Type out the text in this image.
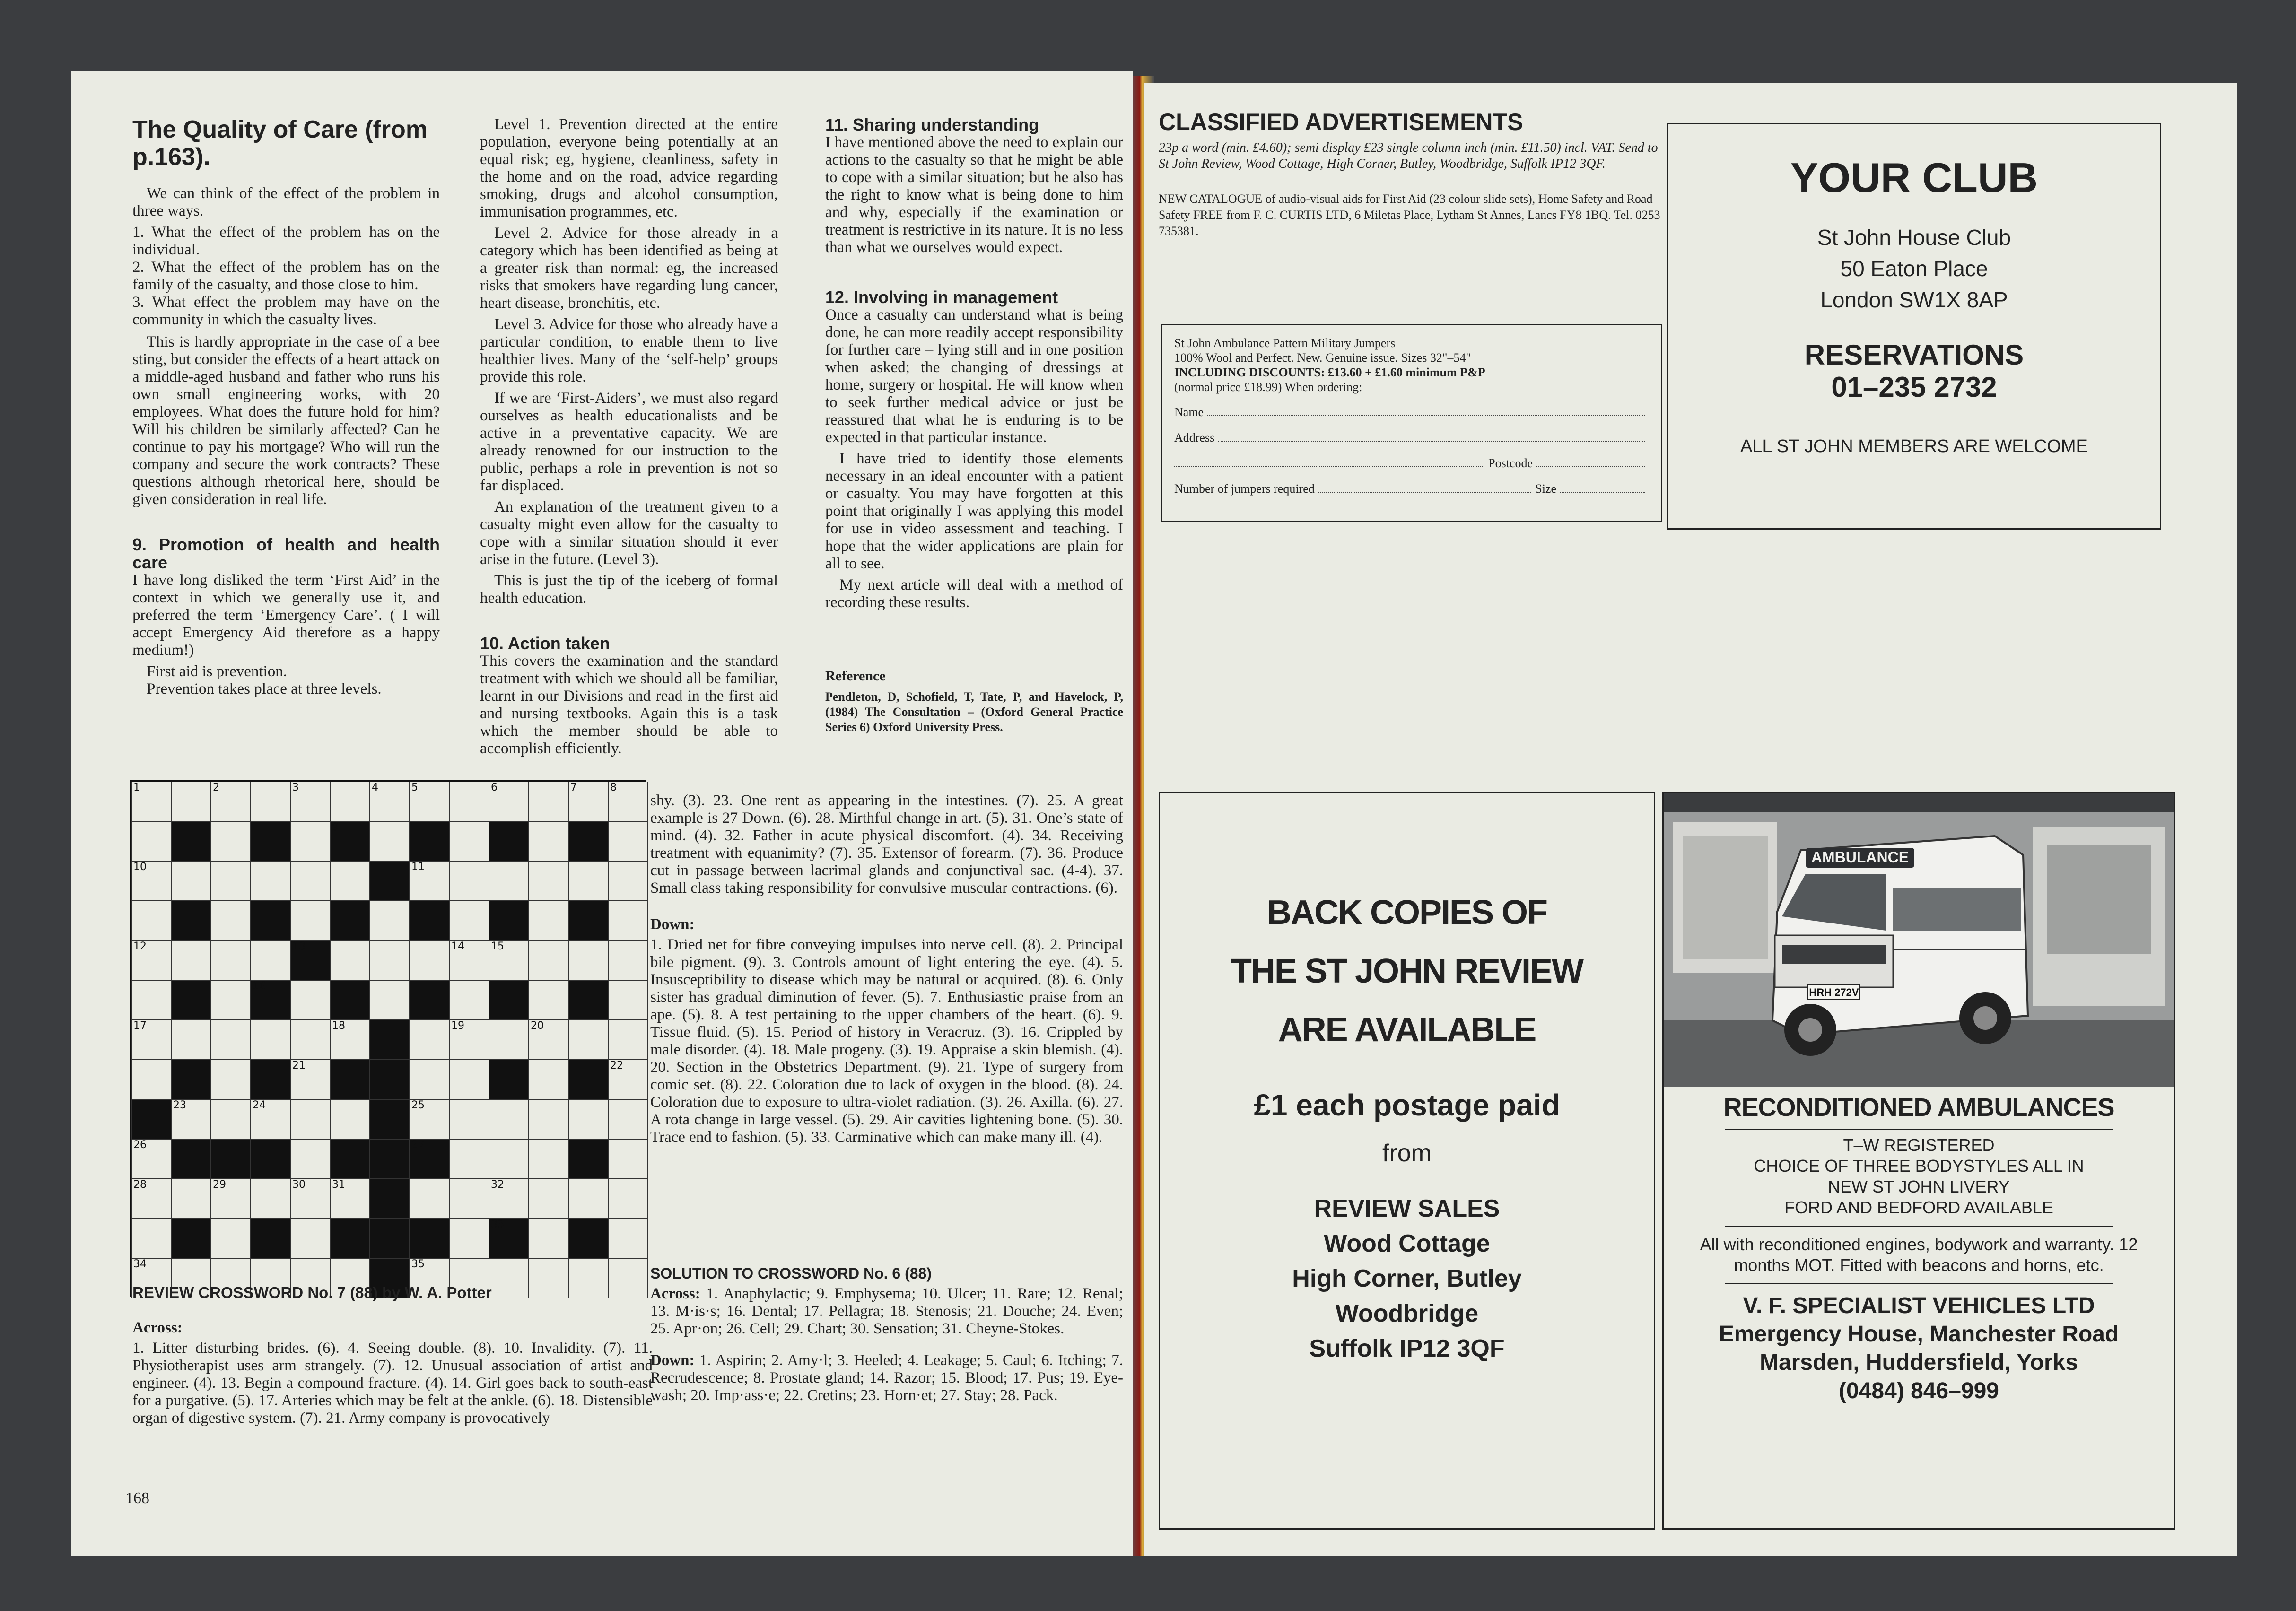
The Quality of Care (from p.163).

We can think of the effect of the problem in three ways.

1. What the effect of the problem has on the individual.

2. What the effect of the problem has on the family of the casualty, and those close to him.

3. What effect the problem may have on the community in which the casualty lives.

This is hardly appropriate in the case of a bee sting, but consider the effects of a heart attack on a middle-aged husband and father who runs his own small engineering works, with 20 employees. What does the future hold for him? Will his children be similarly affected? Can he continue to pay his mortgage? Who will run the company and secure the work contracts? These questions although rhetorical here, should be given consideration in real life.

9. Promotion of health and health care

I have long disliked the term ‘First Aid’ in the context in which we generally use it, and preferred the term ‘Emergency Care’. ( I will accept Emergency Aid therefore as a happy medium!)

First aid is prevention.

Prevention takes place at three levels.

Level 1. Prevention directed at the entire population, everyone being potentially at an equal risk; eg, hygiene, cleanliness, safety in the home and on the road, advice regarding smoking, drugs and alcohol consumption, immunisation programmes, etc.

Level 2. Advice for those already in a category which has been identified as being at a greater risk than normal: eg, the increased risks that smokers have regarding lung cancer, heart disease, bronchitis, etc.

Level 3. Advice for those who already have a particular condition, to enable them to live healthier lives. Many of the ‘self-help’ groups provide this role.

If we are ‘First-Aiders’, we must also regard ourselves as health educationalists and be active in a preventative capacity. We are already renowned for our instruction to the public, perhaps a role in prevention is not so far displaced.

An explanation of the treatment given to a casualty might even allow for the casualty to cope with a similar situation should it ever arise in the future. (Level 3).

This is just the tip of the iceberg of formal health education.

10. Action taken

This covers the examination and the standard treatment with which we should all be familiar, learnt in our Divisions and read in the first aid and nursing textbooks. Again this is a task which the member should be able to accomplish efficiently.

11. Sharing understanding

I have mentioned above the need to explain our actions to the casualty so that he might be able to cope with a similar situation; but he also has the right to know what is being done to him and why, especially if the examination or treatment is restrictive in its nature. It is no less than what we ourselves would expect.

12. Involving in management

Once a casualty can understand what is being done, he can more readily accept responsibility for further care – lying still and in one position when asked; the changing of dressings at home, surgery or hospital. He will know when to seek further medical advice or just be reassured that what he is enduring is to be expected in that particular instance.

I have tried to identify those elements necessary in an ideal encounter with a patient or casualty. You may have forgotten at this point that originally I was applying this model for use in video assessment and teaching. I hope that the wider applications are plain for all to see.

My next article will deal with a method of recording these results.

Reference
Pendleton, D, Schofield, T, Tate, P, and Havelock, P, (1984) The Consultation – (Oxford General Practice Series 6) Oxford University Press.
1	2	3	4	5	6	7	8
9
10	11
12	13	14	15
16
17	18	19	20
21	22
23	24	25
26	27
28	29	30	31	32
33
34	35
REVIEW CROSSWORD No. 7 (88) by W. A. Potter
Across:
1. Litter disturbing brides. (6). 4. Seeing double. (8). 10. Invalidity. (7). 11. Physiotherapist uses arm strangely. (7). 12. Unusual association of artist and engineer. (4). 13. Begin a compound fracture. (4). 14. Girl goes back to south-east for a purgative. (5). 17. Arteries which may be felt at the ankle. (6). 18. Distensible organ of digestive system. (7). 21. Army company is provocatively

shy. (3). 23. One rent as appearing in the intestines. (7). 25. A great example is 27 Down. (6). 28. Mirthful change in art. (5). 31. One’s state of mind. (4). 32. Father in acute physical discomfort. (4). 34. Receiving treatment with equanimity? (7). 35. Extensor of forearm. (7). 36. Produce cut in passage between lacrimal glands and conjunctival sac. (4-4). 37. Small class taking responsibility for convulsive muscular contractions. (6).

Down:
1. Dried net for fibre conveying impulses into nerve cell. (8). 2. Principal bile pigment. (9). 3. Controls amount of light entering the eye. (4). 5. Insusceptibility to disease which may be natural or acquired. (8). 6. Only sister has gradual diminution of fever. (5). 7. Enthusiastic praise from an ape. (5). 8. A test pertaining to the upper chambers of the heart. (6). 9. Tissue fluid. (5). 15. Period of history in Veracruz. (3). 16. Crippled by male disorder. (4). 18. Male progeny. (3). 19. Appraise a skin blemish. (4). 20. Section in the Obstetrics Department. (9). 21. Type of surgery from comic set. (8). 22. Coloration due to lack of oxygen in the blood. (8). 24. Coloration due to exposure to ultra-violet radiation. (3). 26. Axilla. (6). 27. A rota change in large vessel. (5). 29. Air cavities lightening bone. (5). 30. Trace end to fashion. (5). 33. Carminative which can make many ill. (4).
SOLUTION TO CROSSWORD No. 6 (88)
Across: 1. Anaphylactic; 9. Emphysema; 10. Ulcer; 11. Rare; 12. Renal; 13. M·is·s; 16. Dental; 17. Pellagra; 18. Stenosis; 21. Douche; 24. Even; 25. Apr·on; 26. Cell; 29. Chart; 30. Sensation; 31. Cheyne-Stokes.
Down: 1. Aspirin; 2. Amy·l; 3. Heeled; 4. Leakage; 5. Caul; 6. Itching; 7. Recrudescence; 8. Prostate gland; 14. Razor; 15. Blood; 17. Pus; 19. Eye-wash; 20. Imp·ass·e; 22. Cretins; 23. Horn·et; 27. Stay; 28. Pack.
168
CLASSIFIED ADVERTISEMENTS
23p a word (min. £4.60); semi display £23 single column inch (min. £11.50) incl. VAT. Send to St John Review, Wood Cottage, High Corner, Butley, Woodbridge, Suffolk IP12 3QF.
NEW CATALOGUE of audio-visual aids for First Aid (23 colour slide sets), Home Safety and Road Safety FREE from F. C. CURTIS LTD, 6 Miletas Place, Lytham St Annes, Lancs FY8 1BQ. Tel. 0253 735381.
St John Ambulance Pattern Military Jumpers
100% Wool and Perfect. New. Genuine issue. Sizes 32"–54"
INCLUDING DISCOUNTS: £13.60 + £1.60 minimum P&P
(normal price £18.99) When ordering:
Name
Address
Postcode
Number of jumpers required	Size
YOUR CLUB
St John House Club
50 Eaton Place
London SW1X 8AP
RESERVATIONS
01–235 2732
ALL ST JOHN MEMBERS ARE WELCOME
BACK COPIES OF
THE ST JOHN REVIEW
ARE AVAILABLE
£1 each postage paid
from
REVIEW SALES
Wood Cottage
High Corner, Butley
Woodbridge
Suffolk IP12 3QF
AMBULANCE
HRH 272V
RECONDITIONED AMBULANCES
T–W REGISTERED
CHOICE OF THREE BODYSTYLES ALL IN
NEW ST JOHN LIVERY
FORD AND BEDFORD AVAILABLE
All with reconditioned engines, bodywork and warranty. 12 months MOT. Fitted with beacons and horns, etc.
V. F. SPECIALIST VEHICLES LTD
Emergency House, Manchester Road
Marsden, Huddersfield, Yorks
(0484) 846–999
